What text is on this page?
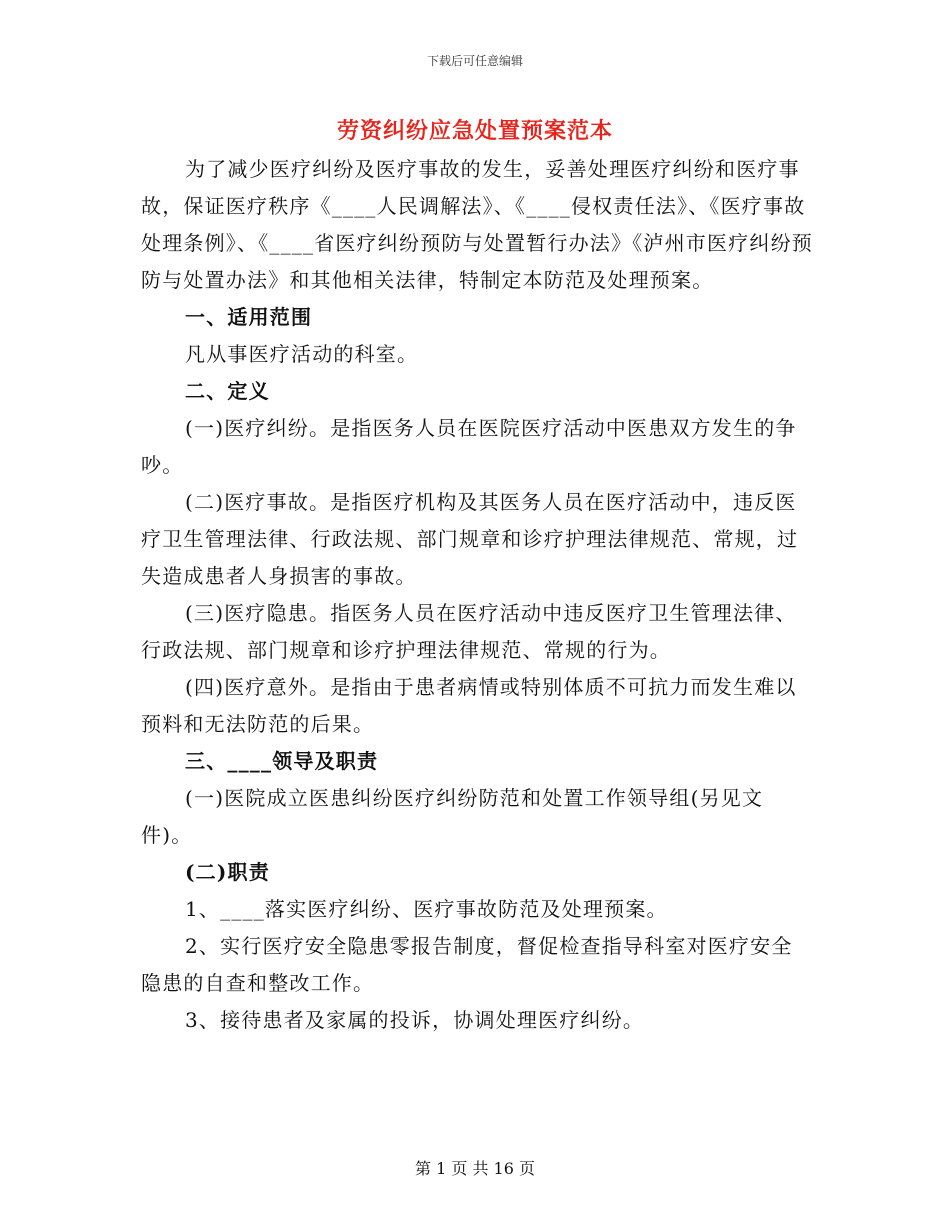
下载后可任意编辑
劳资纠纷应急处置预案范本

为了减少医疗纠纷及医疗事故的发生，妥善处理医疗纠纷和医疗事故，保证医疗秩序《____人民调解法》、《____侵权责任法》、《医疗事故处理条例》、《____省医疗纠纷预防与处置暂行办法》《泸州市医疗纠纷预防与处置办法》和其他相关法律，特制定本防范及处理预案。

一、适用范围

凡从事医疗活动的科室。

二、定义

(一)医疗纠纷。是指医务人员在医院医疗活动中医患双方发生的争吵。

(二)医疗事故。是指医疗机构及其医务人员在医疗活动中，违反医疗卫生管理法律、行政法规、部门规章和诊疗护理法律规范、常规，过失造成患者人身损害的事故。

(三)医疗隐患。指医务人员在医疗活动中违反医疗卫生管理法律、行政法规、部门规章和诊疗护理法律规范、常规的行为。

(四)医疗意外。是指由于患者病情或特别体质不可抗力而发生难以预料和无法防范的后果。

三、____领导及职责

(一)医院成立医患纠纷医疗纠纷防范和处置工作领导组(另见文件)。

(二)职责

1、____落实医疗纠纷、医疗事故防范及处理预案。

2、实行医疗安全隐患零报告制度，督促检查指导科室对医疗安全隐患的自查和整改工作。

3、接待患者及家属的投诉，协调处理医疗纠纷。

第 1 页 共 16 页
